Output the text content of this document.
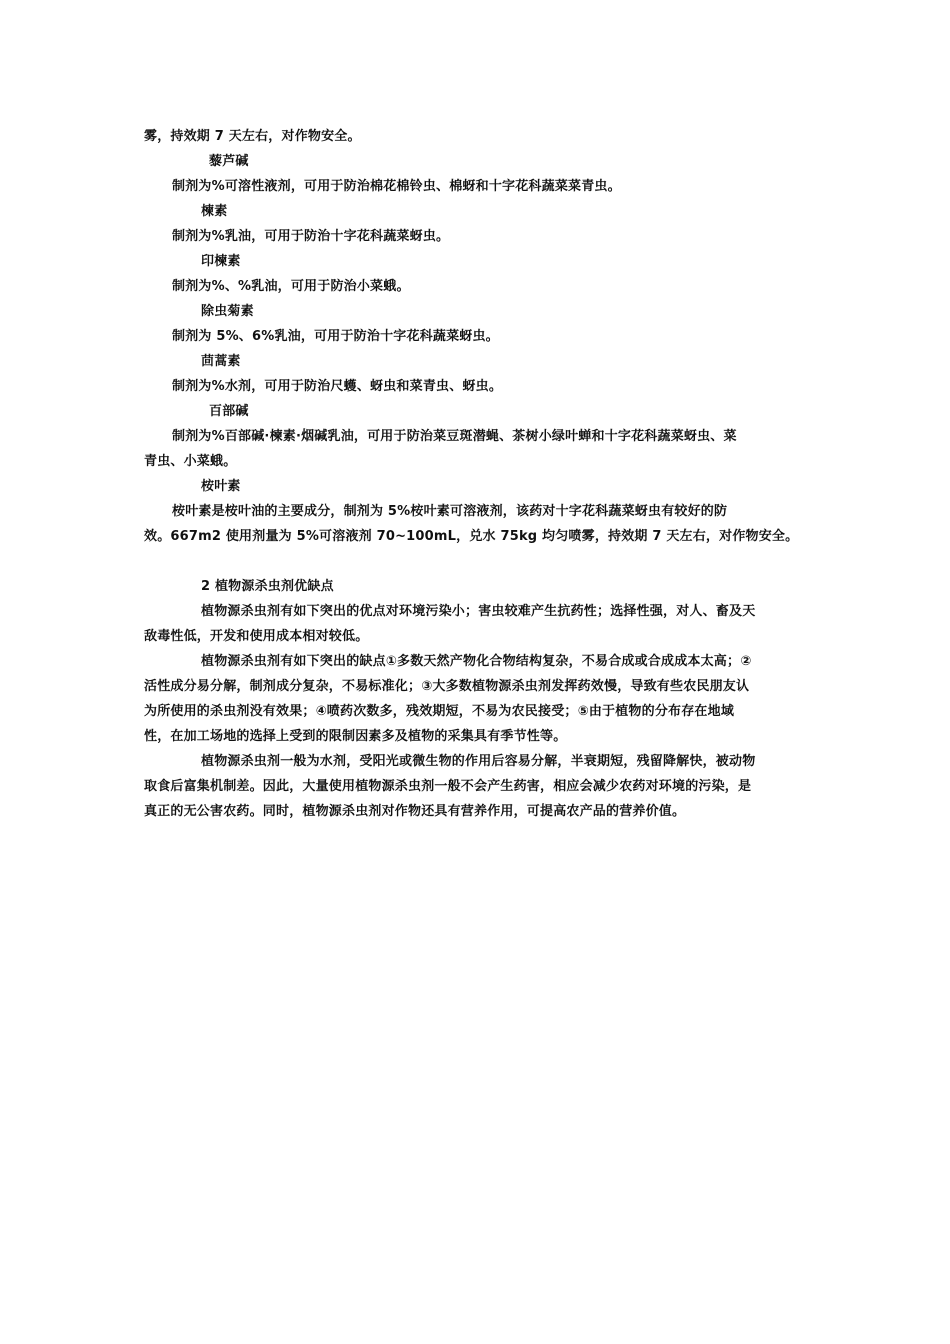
雾，持效期 7 天左右，对作物安全。
藜芦碱
制剂为%可溶性液剂，可用于防治棉花棉铃虫、棉蚜和十字花科蔬菜菜青虫。
楝素
制剂为%乳油，可用于防治十字花科蔬菜蚜虫。
印楝素
制剂为%、%乳油，可用于防治小菜蛾。
除虫菊素
制剂为 5%、6%乳油，可用于防治十字花科蔬菜蚜虫。
茴蒿素
制剂为%水剂，可用于防治尺蠖、蚜虫和菜青虫、蚜虫。
百部碱
制剂为%百部碱·楝素·烟碱乳油，可用于防治菜豆斑潜蝇、茶树小绿叶蝉和十字花科蔬菜蚜虫、菜
青虫、小菜蛾。
桉叶素
桉叶素是桉叶油的主要成分，制剂为 5%桉叶素可溶液剂，该药对十字花科蔬菜蚜虫有较好的防
效。667m2 使用剂量为 5%可溶液剂 70~100mL，兑水 75kg 均匀喷雾，持效期 7 天左右，对作物安全。
2 植物源杀虫剂优缺点
植物源杀虫剂有如下突出的优点对环境污染小；害虫较难产生抗药性；选择性强，对人、畜及天
敌毒性低，开发和使用成本相对较低。
植物源杀虫剂有如下突出的缺点①多数天然产物化合物结构复杂，不易合成或合成成本太高；②
活性成分易分解，制剂成分复杂，不易标准化；③大多数植物源杀虫剂发挥药效慢，导致有些农民朋友认
为所使用的杀虫剂没有效果；④喷药次数多，残效期短，不易为农民接受；⑤由于植物的分布存在地域
性，在加工场地的选择上受到的限制因素多及植物的采集具有季节性等。
植物源杀虫剂一般为水剂，受阳光或微生物的作用后容易分解，半衰期短，残留降解快，被动物
取食后富集机制差。因此，大量使用植物源杀虫剂一般不会产生药害，相应会减少农药对环境的污染，是
真正的无公害农药。同时，植物源杀虫剂对作物还具有营养作用，可提高农产品的营养价值。
